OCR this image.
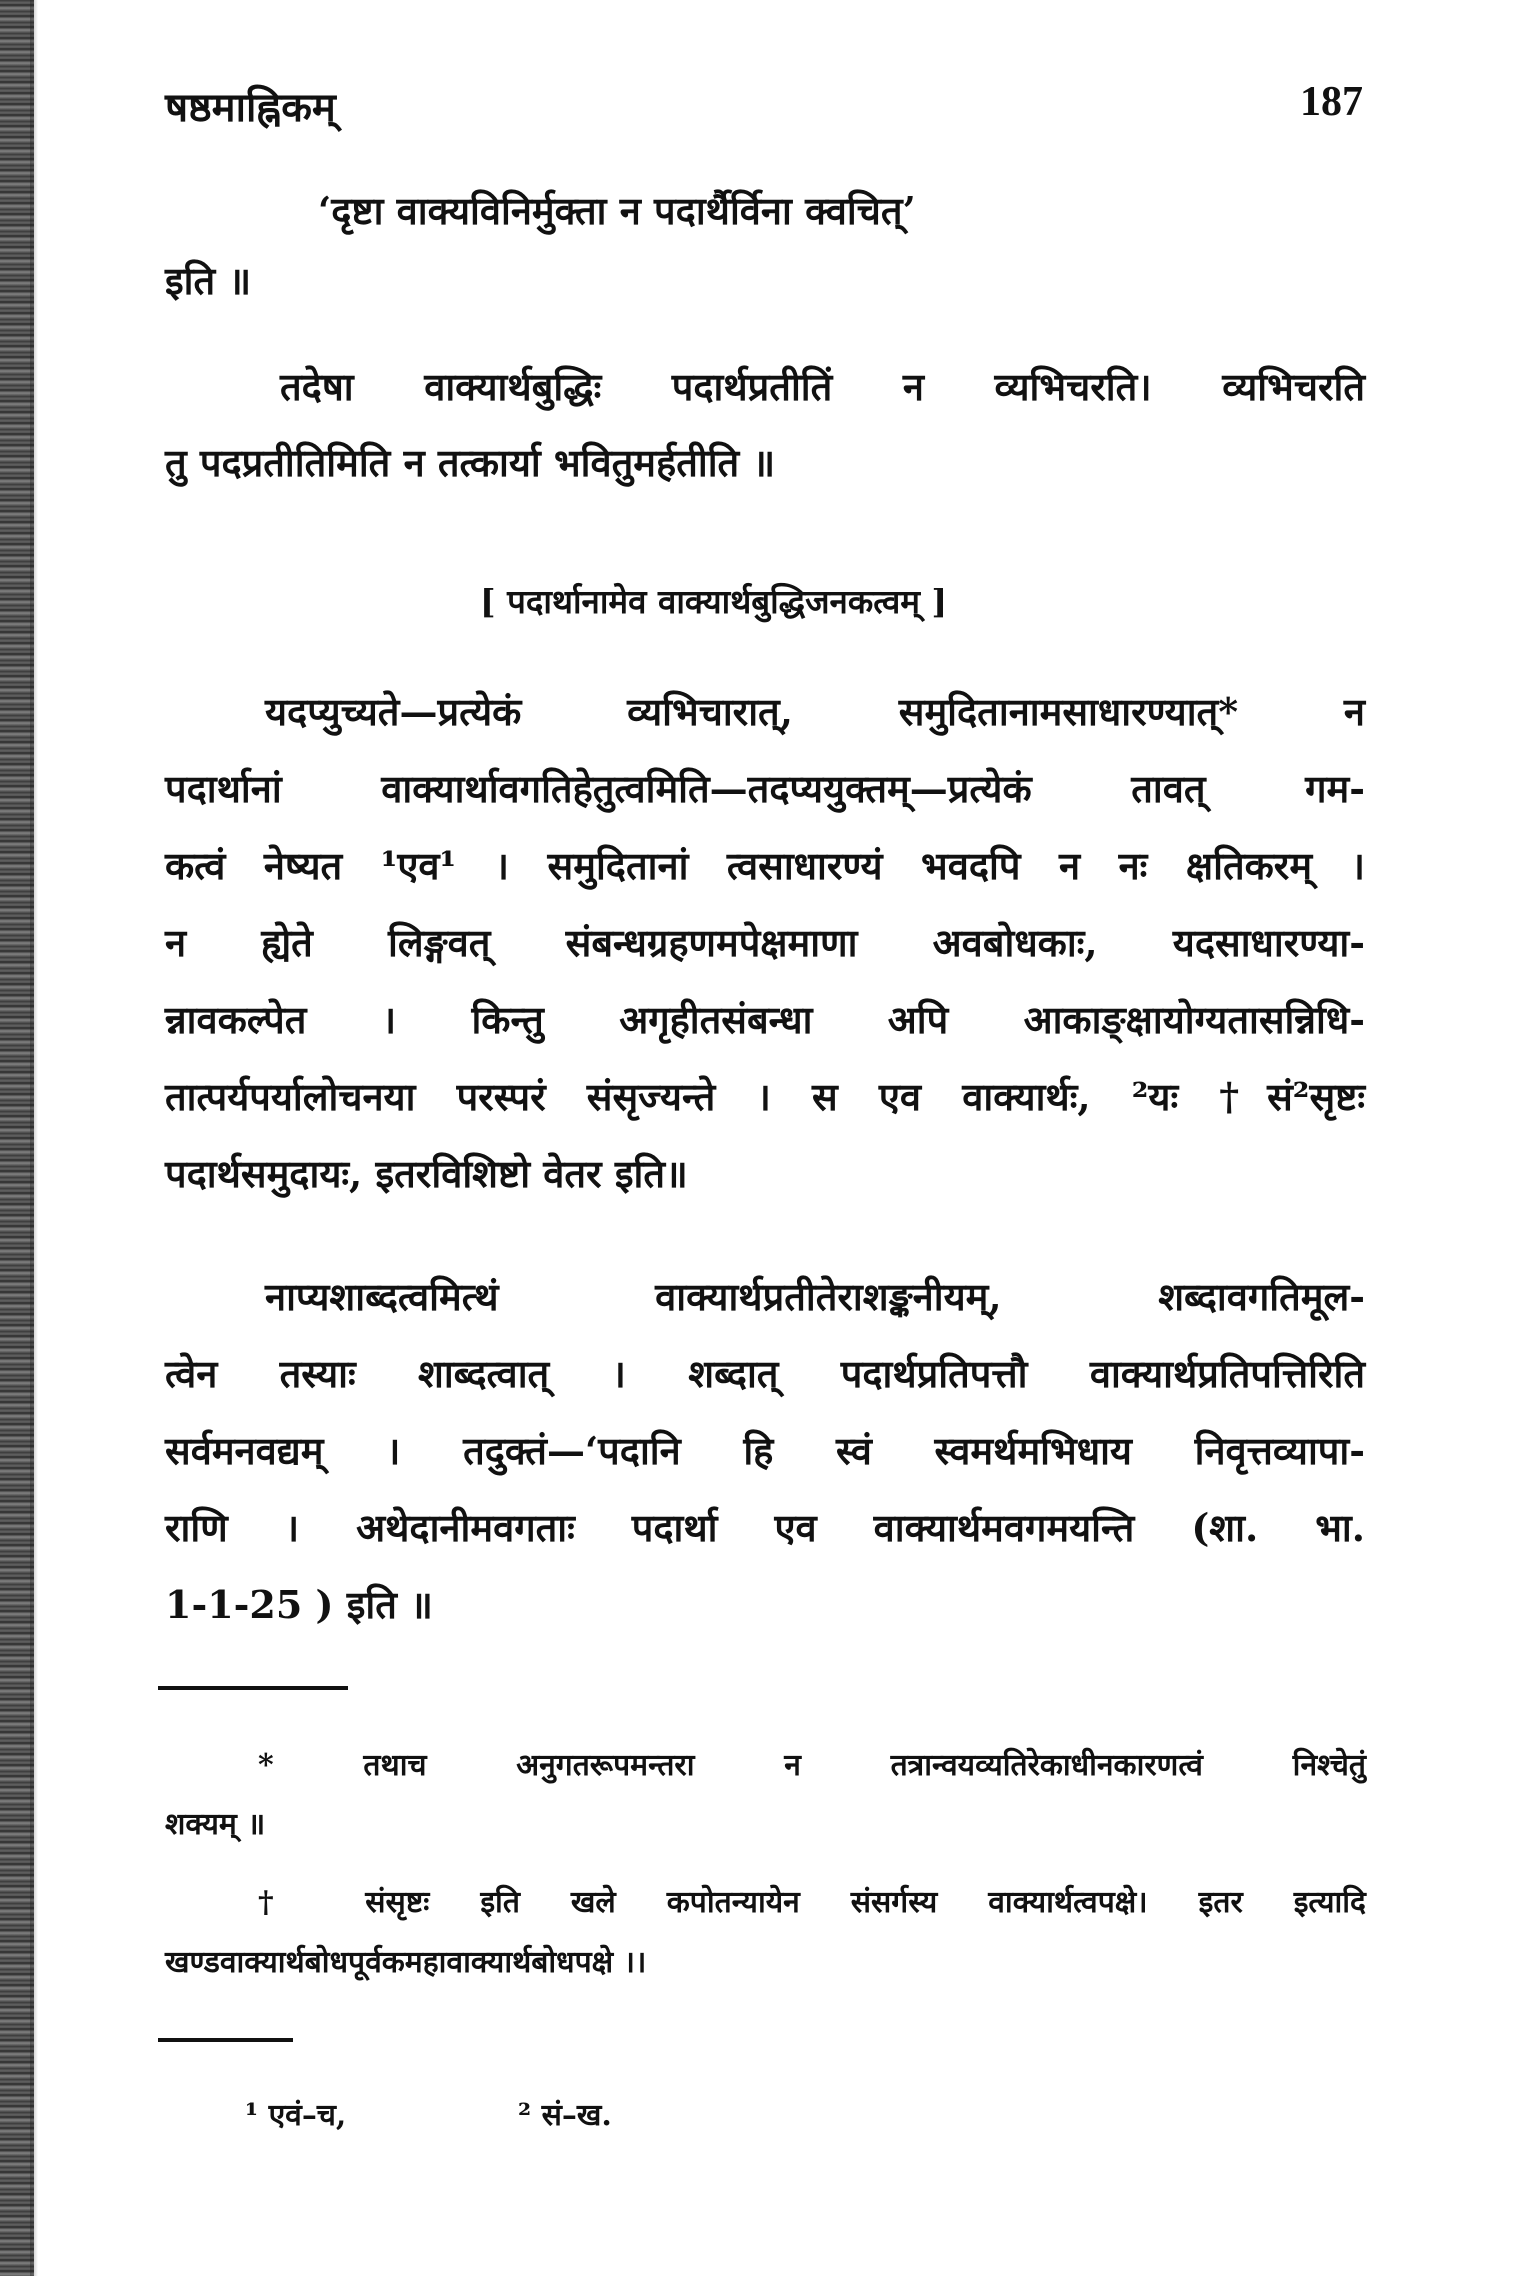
षष्ठमाह्निकम्	187
‘दृष्टा वाक्यविनिर्मुक्ता न पदार्थैर्विना क्वचित्’
इति ॥
तदेषा वाक्यार्थबुद्धिः पदार्थप्रतीतिं न व्यभिचरति। व्यभिचरति
तु पदप्रतीतिमिति न तत्कार्या भवितुमर्हतीति ॥
[ पदार्थानामेव वाक्यार्थबुद्धिजनकत्वम् ]
यदप्युच्यते—प्रत्येकं व्यभिचारात्, समुदितानामसाधारण्यात्* न
पदार्थानां वाक्यार्थावगतिहेतुत्वमिति—तदप्ययुक्तम्—प्रत्येकं तावत् गम-
कत्वं नेष्यत ¹एव¹ । समुदितानां त्वसाधारण्यं भवदपि न नः क्षतिकरम् ।
न ह्येते लिङ्गवत् संबन्धग्रहणमपेक्षमाणा अवबोधकाः, यदसाधारण्या-
न्नावकल्पेत । किन्तु अगृहीतसंबन्धा अपि आकाङ्क्षायोग्यतासन्निधि-
तात्पर्यपर्यालोचनया परस्परं संसृज्यन्ते । स एव वाक्यार्थः, ²यः †सं²सृष्टः
पदार्थसमुदायः, इतरविशिष्टो वेतर इति॥
नाप्यशाब्दत्वमित्थं वाक्यार्थप्रतीतेराशङ्कनीयम्, शब्दावगतिमूल-
त्वेन तस्याः शाब्दत्वात् । शब्दात् पदार्थप्रतिपत्तौ वाक्यार्थप्रतिपत्तिरिति
सर्वमनवद्यम् । तदुक्तं—‘पदानि हि स्वं स्वमर्थमभिधाय निवृत्तव्यापा-
राणि । अथेदानीमवगताः पदार्था एव वाक्यार्थमवगमयन्ति (शा. भा.
1-1-25 ) इति ॥
* तथाच अनुगतरूपमन्तरा न तत्रान्वयव्यतिरेकाधीनकारणत्वं निश्चेतुं
शक्यम् ॥
† संसृष्टः इति खले कपोतन्यायेन संसर्गस्य वाक्यार्थत्वपक्षे। इतर इत्यादि
खण्डवाक्यार्थबोधपूर्वकमहावाक्यार्थबोधपक्षे ।।
¹ एवं–च,	² सं–ख.
